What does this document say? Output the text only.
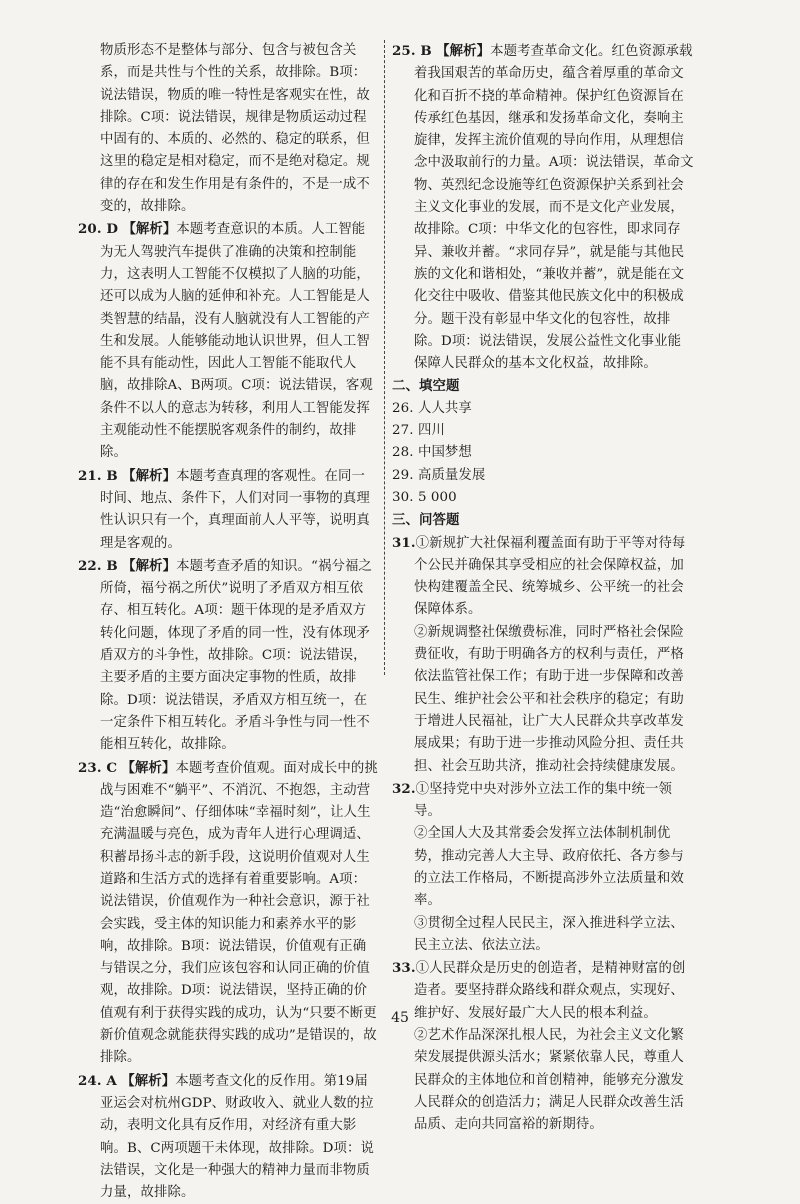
物质形态不是整体与部分、包含与被包含关系，而是共性与个性的关系，故排除。B项：说法错误，物质的唯一特性是客观实在性，故排除。C项：说法错误，规律是物质运动过程中固有的、本质的、必然的、稳定的联系，但这里的稳定是相对稳定，而不是绝对稳定。规律的存在和发生作用是有条件的，不是一成不变的，故排除。

20. D 【解析】本题考查意识的本质。人工智能为无人驾驶汽车提供了准确的决策和控制能力，这表明人工智能不仅模拟了人脑的功能，还可以成为人脑的延伸和补充。人工智能是人类智慧的结晶，没有人脑就没有人工智能的产生和发展。人能够能动地认识世界，但人工智能不具有能动性，因此人工智能不能取代人脑，故排除A、B两项。C项：说法错误，客观条件不以人的意志为转移，利用人工智能发挥主观能动性不能摆脱客观条件的制约，故排除。

21. B 【解析】本题考查真理的客观性。在同一时间、地点、条件下，人们对同一事物的真理性认识只有一个，真理面前人人平等，说明真理是客观的。

22. B 【解析】本题考查矛盾的知识。“祸兮福之所倚，福兮祸之所伏”说明了矛盾双方相互依存、相互转化。A项：题干体现的是矛盾双方转化问题，体现了矛盾的同一性，没有体现矛盾双方的斗争性，故排除。C项：说法错误，主要矛盾的主要方面决定事物的性质，故排除。D项：说法错误，矛盾双方相互统一，在一定条件下相互转化。矛盾斗争性与同一性不能相互转化，故排除。

23. C 【解析】本题考查价值观。面对成长中的挑战与困难不“躺平”、不消沉、不抱怨，主动营造“治愈瞬间”、仔细体味“幸福时刻”，让人生充满温暖与亮色，成为青年人进行心理调适、积蓄昂扬斗志的新手段，这说明价值观对人生道路和生活方式的选择有着重要影响。A项：说法错误，价值观作为一种社会意识，源于社会实践，受主体的知识能力和素养水平的影响，故排除。B项：说法错误，价值观有正确与错误之分，我们应该包容和认同正确的价值观，故排除。D项：说法错误，坚持正确的价值观有利于获得实践的成功，认为“只要不断更新价值观念就能获得实践的成功”是错误的，故排除。

24. A 【解析】本题考查文化的反作用。第19届亚运会对杭州GDP、财政收入、就业人数的拉动，表明文化具有反作用，对经济有重大影响。B、C两项题干未体现，故排除。D项：说法错误，文化是一种强大的精神力量而非物质力量，故排除。

25. B 【解析】本题考查革命文化。红色资源承载着我国艰苦的革命历史，蕴含着厚重的革命文化和百折不挠的革命精神。保护红色资源旨在传承红色基因，继承和发扬革命文化，奏响主旋律，发挥主流价值观的导向作用，从理想信念中汲取前行的力量。A项：说法错误，革命文物、英烈纪念设施等红色资源保护关系到社会主义文化事业的发展，而不是文化产业发展，故排除。C项：中华文化的包容性，即求同存异、兼收并蓄。“求同存异”，就是能与其他民族的文化和谐相处，“兼收并蓄”，就是能在文化交往中吸收、借鉴其他民族文化中的积极成分。题干没有彰显中华文化的包容性，故排除。D项：说法错误，发展公益性文化事业能保障人民群众的基本文化权益，故排除。

二、填空题

26. 人人共享

27. 四川

28. 中国梦想

29. 高质量发展

30. 5 000

三、问答题

31.①新规扩大社保福利覆盖面有助于平等对待每个公民并确保其享受相应的社会保障权益，加快构建覆盖全民、统筹城乡、公平统一的社会保障体系。

②新规调整社保缴费标准，同时严格社会保险费征收，有助于明确各方的权利与责任，严格依法监管社保工作；有助于进一步保障和改善民生、维护社会公平和社会秩序的稳定；有助于增进人民福祉，让广大人民群众共享改革发展成果；有助于进一步推动风险分担、责任共担、社会互助共济，推动社会持续健康发展。

32.①坚持党中央对涉外立法工作的集中统一领导。

②全国人大及其常委会发挥立法体制机制优势，推动完善人大主导、政府依托、各方参与的立法工作格局，不断提高涉外立法质量和效率。

③贯彻全过程人民民主，深入推进科学立法、民主立法、依法立法。

33.①人民群众是历史的创造者，是精神财富的创造者。要坚持群众路线和群众观点，实现好、维护好、发展好最广大人民的根本利益。

②艺术作品深深扎根人民，为社会主义文化繁荣发展提供源头活水；紧紧依靠人民，尊重人民群众的主体地位和首创精神，能够充分激发人民群众的创造活力；满足人民群众改善生活品质、走向共同富裕的新期待。

45
